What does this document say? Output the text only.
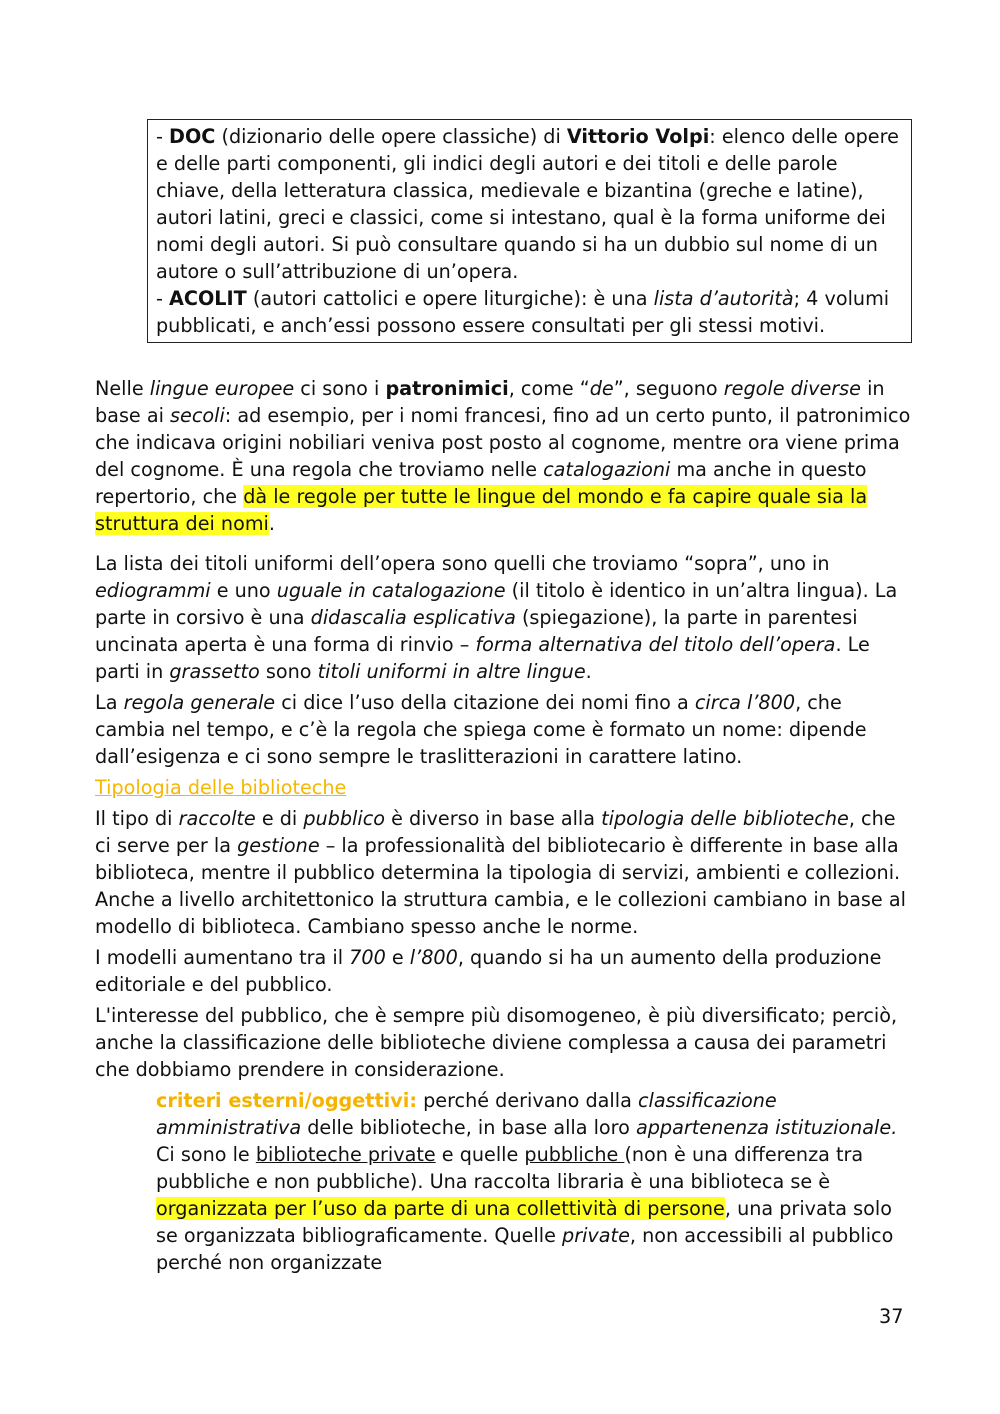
- DOC (dizionario delle opere classiche) di Vittorio Volpi: elenco delle opere e delle parti componenti, gli indici degli autori e dei titoli e delle parole chiave, della letteratura classica, medievale e bizantina (greche e latine), autori latini, greci e classici, come si intestano, qual è la forma uniforme dei nomi degli autori. Si può consultare quando si ha un dubbio sul nome di un autore o sull’attribuzione di un’opera.

- ACOLIT (autori cattolici e opere liturgiche): è una lista d’autorità; 4 volumi pubblicati, e anch’essi possono essere consultati per gli stessi motivi.

Nelle lingue europee ci sono i patronimici, come “de”, seguono regole diverse in base ai secoli: ad esempio, per i nomi francesi, fino ad un certo punto, il patronimico che indicava origini nobiliari veniva post posto al cognome, mentre ora viene prima del cognome. È una regola che troviamo nelle catalogazioni ma anche in questo repertorio, che dà le regole per tutte le lingue del mondo e fa capire quale sia la struttura dei nomi.

La lista dei titoli uniformi dell’opera sono quelli che troviamo “sopra”, uno in ediogrammi e uno uguale in catalogazione (il titolo è identico in un’altra lingua). La parte in corsivo è una didascalia esplicativa (spiegazione), la parte in parentesi uncinata aperta è una forma di rinvio – forma alternativa del titolo dell’opera. Le parti in grassetto sono titoli uniformi in altre lingue.

La regola generale ci dice l’uso della citazione dei nomi fino a circa l’800, che cambia nel tempo, e c’è la regola che spiega come è formato un nome: dipende dall’esigenza e ci sono sempre le traslitterazioni in carattere latino.

Tipologia delle biblioteche

Il tipo di raccolte e di pubblico è diverso in base alla tipologia delle biblioteche, che ci serve per la gestione – la professionalità del bibliotecario è differente in base alla biblioteca, mentre il pubblico determina la tipologia di servizi, ambienti e collezioni. Anche a livello architettonico la struttura cambia, e le collezioni cambiano in base al modello di biblioteca. Cambiano spesso anche le norme.

I modelli aumentano tra il 700 e l’800, quando si ha un aumento della produzione editoriale e del pubblico.

L'interesse del pubblico, che è sempre più disomogeneo, è più diversificato; perciò, anche la classificazione delle biblioteche diviene complessa a causa dei parametri che dobbiamo prendere in considerazione.

criteri esterni/oggettivi: perché derivano dalla classificazione amministrativa delle biblioteche, in base alla loro appartenenza istituzionale. Ci sono le biblioteche private e quelle pubbliche (non è una differenza tra pubbliche e non pubbliche). Una raccolta libraria è una biblioteca se è organizzata per l’uso da parte di una collettività di persone, una privata solo se organizzata bibliograficamente. Quelle private, non accessibili al pubblico perché non organizzate

37
